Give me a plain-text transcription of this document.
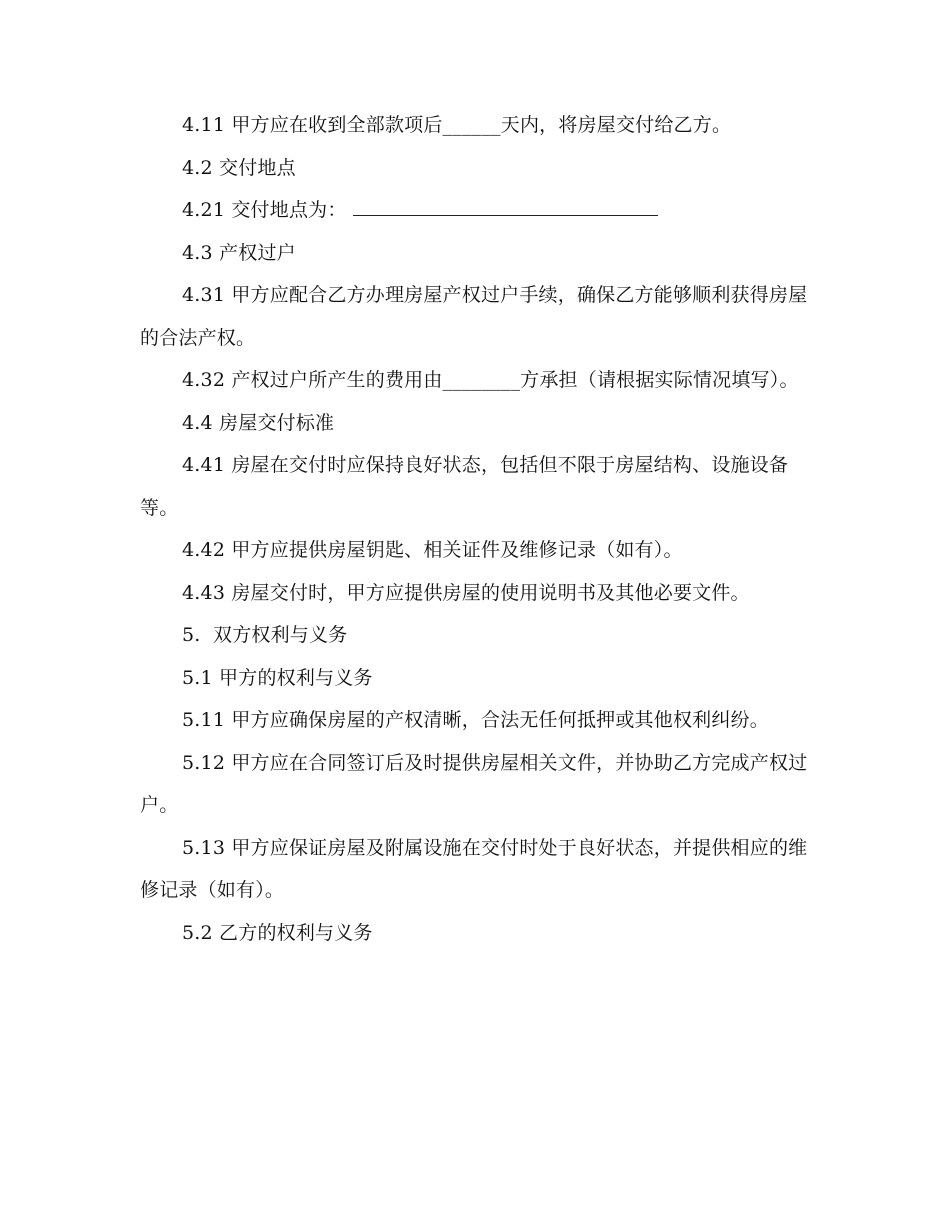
4.11 甲方应在收到全部款项后______天内，将房屋交付给乙方。

4.2 交付地点

4.21 交付地点为：

4.3 产权过户

4.31 甲方应配合乙方办理房屋产权过户手续，确保乙方能够顺利获得房屋的合法产权。

4.32 产权过户所产生的费用由________方承担（请根据实际情况填写）。

4.4 房屋交付标准

4.41 房屋在交付时应保持良好状态，包括但不限于房屋结构、设施设备等。

4.42 甲方应提供房屋钥匙、相关证件及维修记录（如有）。

4.43 房屋交付时，甲方应提供房屋的使用说明书及其他必要文件。

5.  双方权利与义务

5.1 甲方的权利与义务

5.11 甲方应确保房屋的产权清晰，合法无任何抵押或其他权利纠纷。

5.12 甲方应在合同签订后及时提供房屋相关文件，并协助乙方完成产权过户。

5.13 甲方应保证房屋及附属设施在交付时处于良好状态，并提供相应的维修记录（如有）。

5.2 乙方的权利与义务
